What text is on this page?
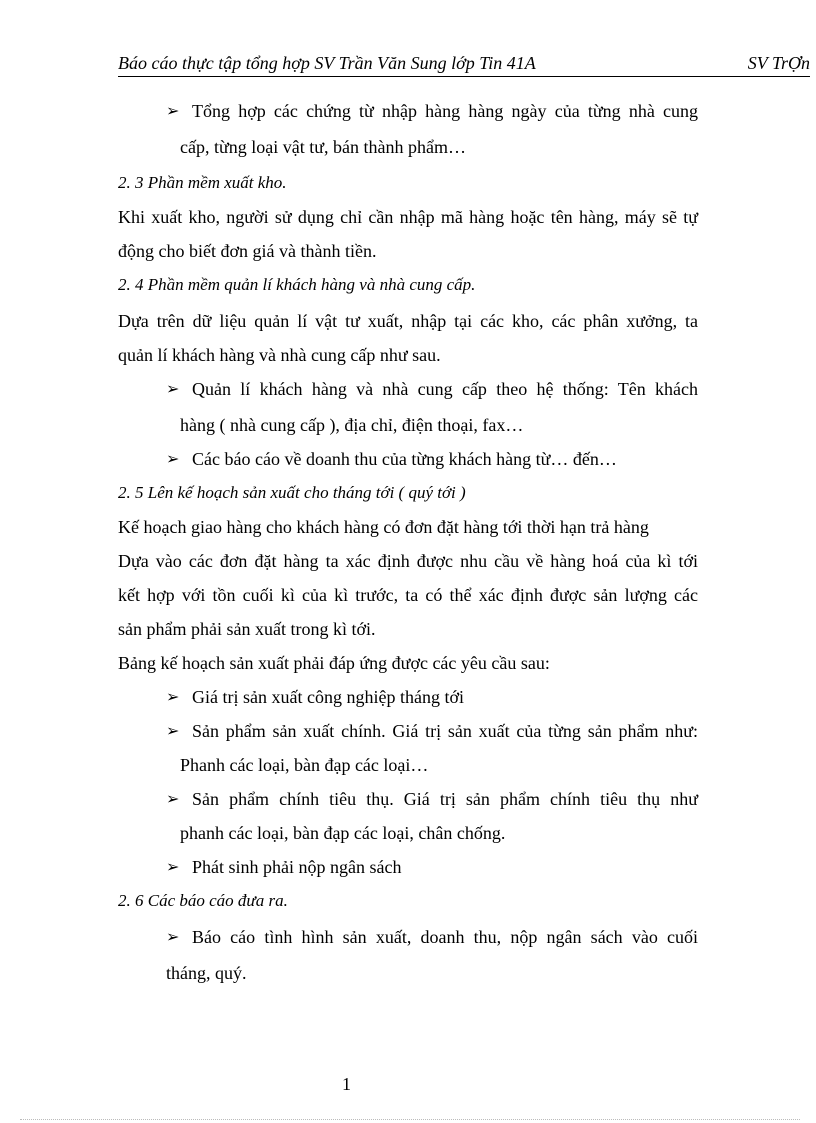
Báo cáo thực tập tổng hợp SV Trần Văn Sung lớp Tin 41A	SV TrỢn
➢ Tổng hợp các chứng từ nhập hàng hàng ngày của từng nhà cung
cấp, từng loại vật tư, bán thành phẩm…
2. 3 Phần mềm xuất kho.
Khi xuất kho, người sử dụng chỉ cần nhập mã hàng hoặc tên hàng, máy sẽ tự
động cho biết đơn giá và thành tiền.
2. 4 Phần mềm quản lí khách hàng và nhà cung cấp.
Dựa trên dữ liệu quản lí vật tư xuất, nhập tại các kho, các phân xưởng, ta
quản lí khách hàng và nhà cung cấp như sau.
➢ Quản lí khách hàng và nhà cung cấp theo hệ thống: Tên khách
hàng ( nhà cung cấp ), địa chỉ, điện thoại, fax…
➢ Các báo cáo về doanh thu của từng khách hàng từ… đến…
2. 5 Lên kế hoạch sản xuất cho tháng tới ( quý tới )
Kế hoạch giao hàng cho khách hàng có đơn đặt hàng tới thời hạn trả hàng
Dựa vào các đơn đặt hàng ta xác định được nhu cầu về hàng hoá của kì tới
kết hợp với tồn cuối kì của kì trước, ta có thể xác định được sản lượng các
sản phẩm phải sản xuất trong kì tới.
Bảng kế hoạch sản xuất phải đáp ứng được các yêu cầu sau:
➢ Giá trị sản xuất công nghiệp tháng tới
➢ Sản phẩm sản xuất chính. Giá trị sản xuất của từng sản phẩm như:
Phanh các loại, bàn đạp các loại…
➢ Sản phẩm chính tiêu thụ. Giá trị sản phẩm chính tiêu thụ như
phanh các loại, bàn đạp các loại, chân chống.
➢ Phát sinh phải nộp ngân sách
2. 6 Các báo cáo đưa ra.
➢ Báo cáo tình hình sản xuất, doanh thu, nộp ngân sách vào cuối
tháng, quý.
1
